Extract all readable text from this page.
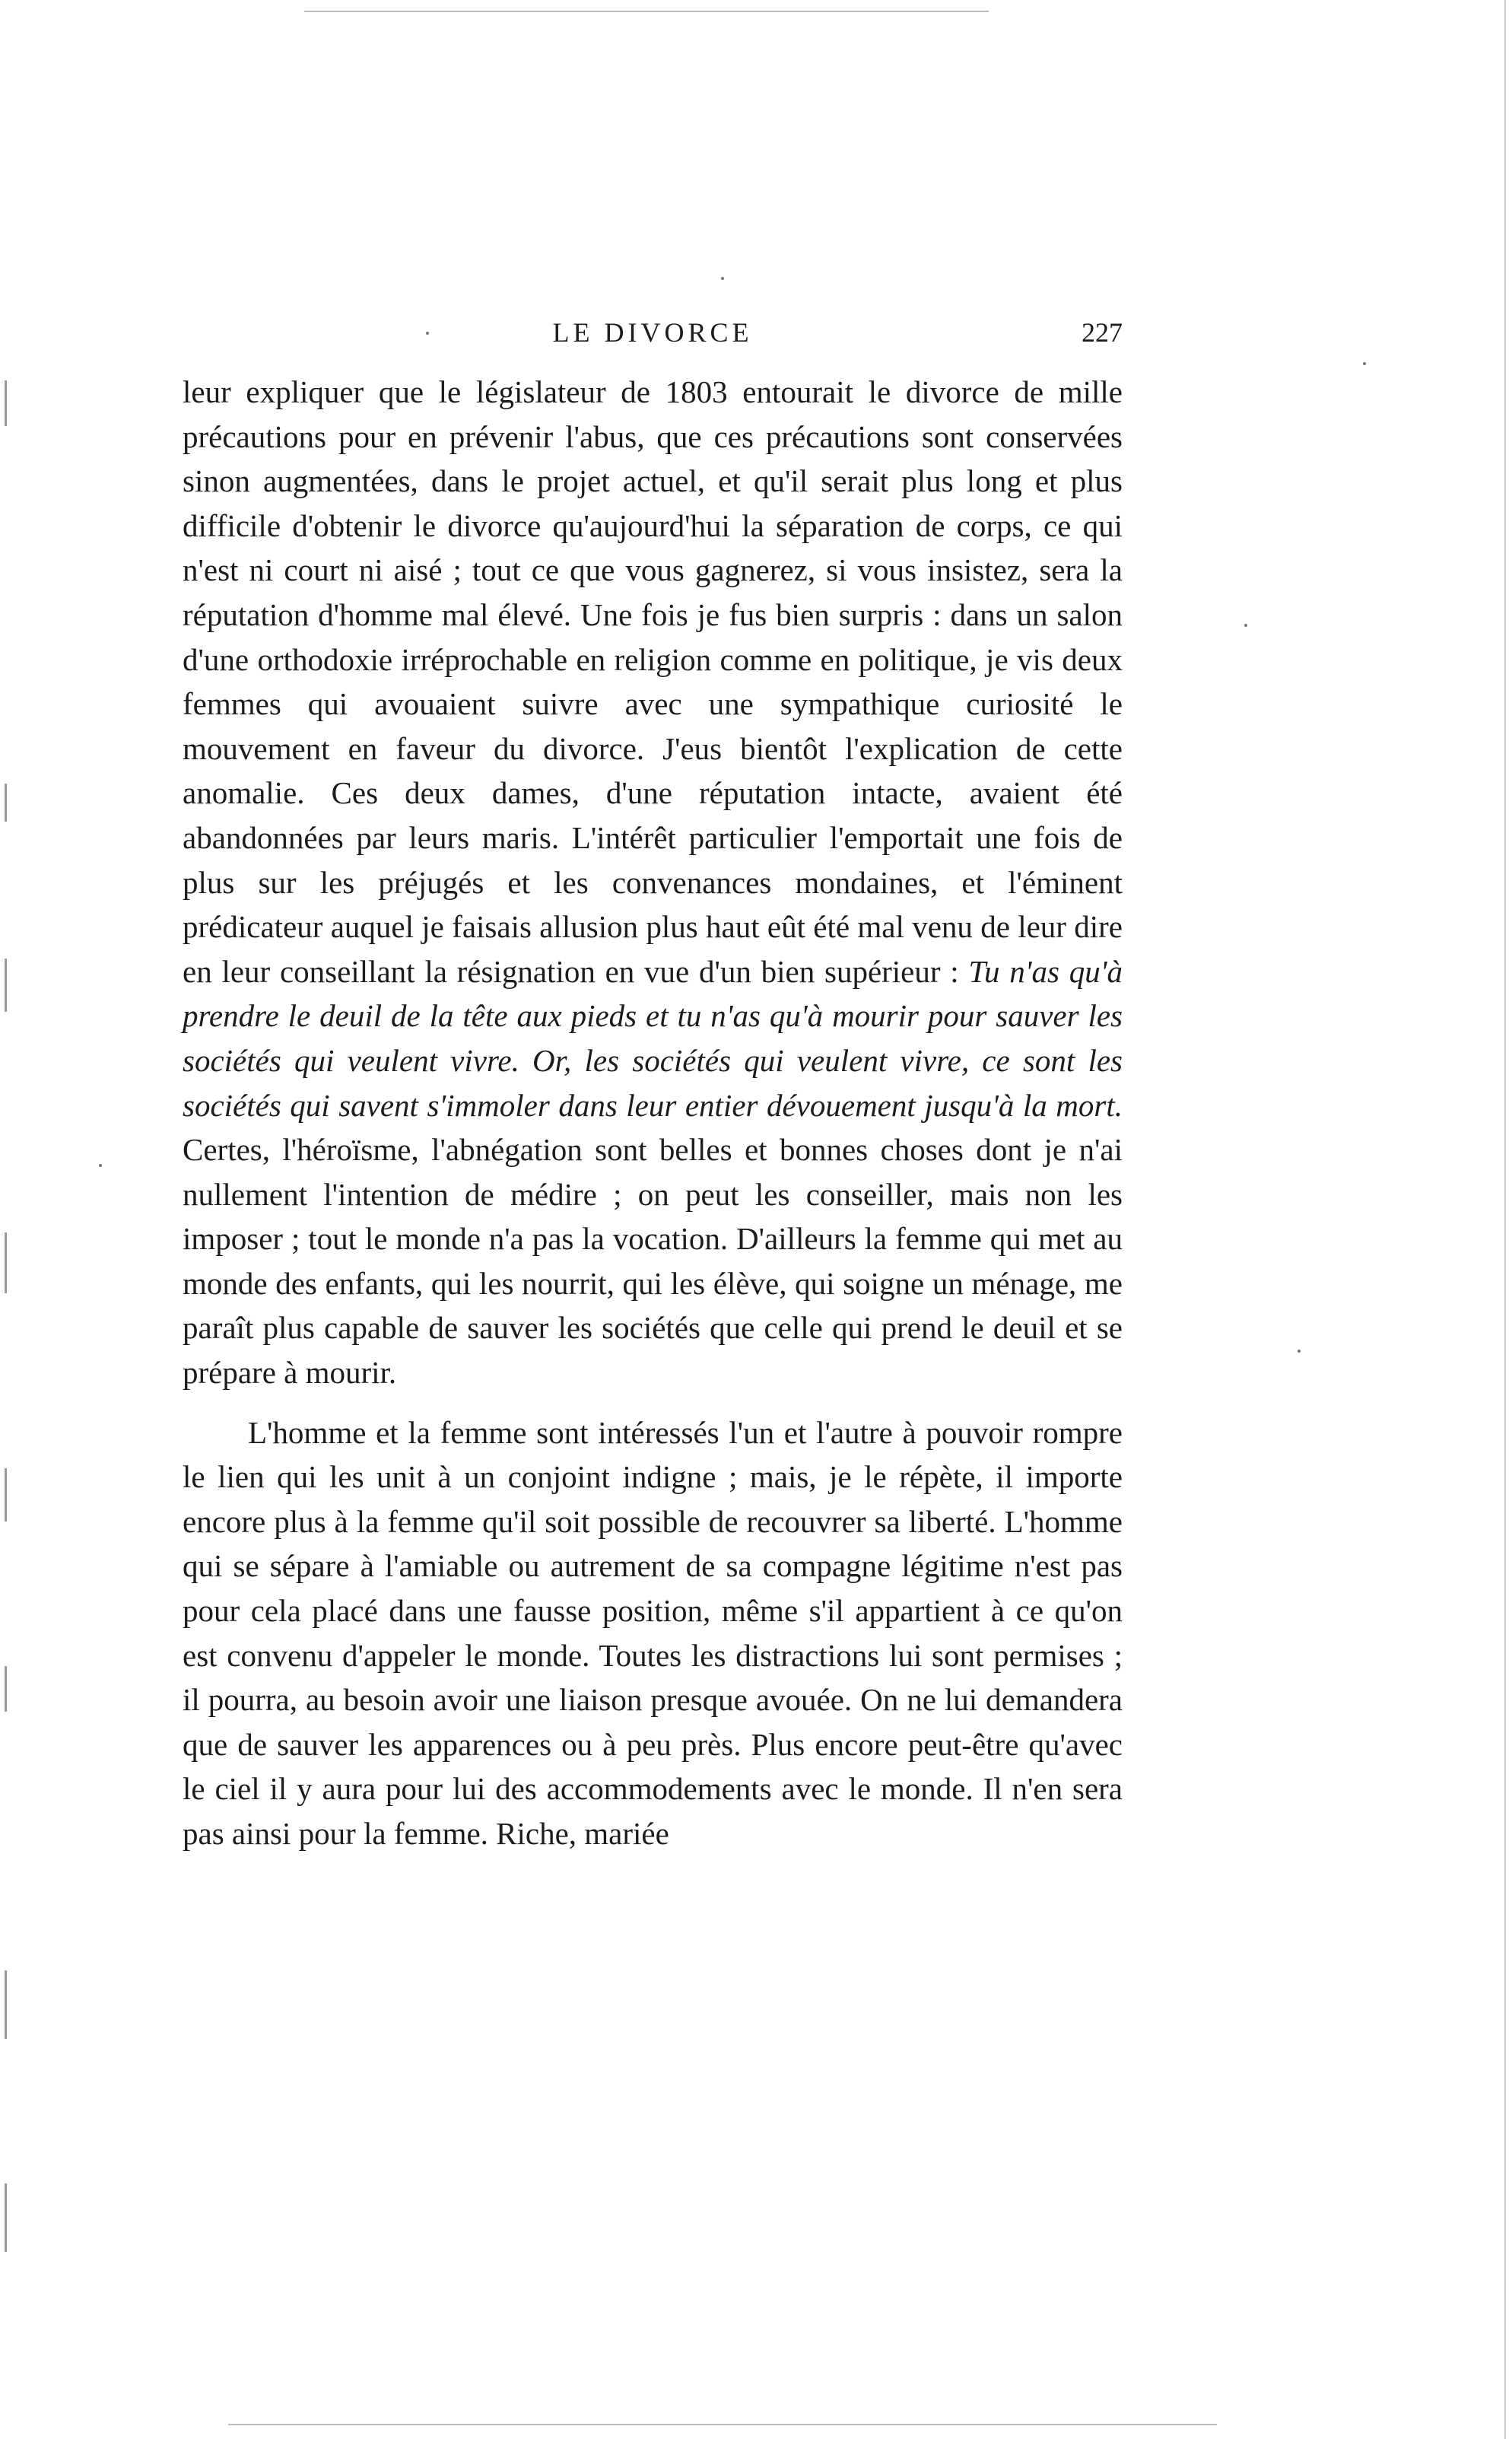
LE DIVORCE	227

leur expliquer que le législateur de 1803 entourait le divorce de mille précautions pour en prévenir l'abus, que ces précautions sont conservées sinon augmentées, dans le projet actuel, et qu'il serait plus long et plus difficile d'obtenir le divorce qu'aujourd'hui la séparation de corps, ce qui n'est ni court ni aisé ; tout ce que vous gagnerez, si vous insistez, sera la réputation d'homme mal élevé. Une fois je fus bien surpris : dans un salon d'une orthodoxie irréprochable en religion comme en politique, je vis deux femmes qui avouaient suivre avec une sympathique curiosité le mouvement en faveur du divorce. J'eus bientôt l'explication de cette anomalie. Ces deux dames, d'une réputation intacte, avaient été abandonnées par leurs maris. L'intérêt particulier l'emportait une fois de plus sur les préjugés et les convenances mondaines, et l'éminent prédicateur auquel je faisais allusion plus haut eût été mal venu de leur dire en leur conseillant la résignation en vue d'un bien supérieur : Tu n'as qu'à prendre le deuil de la tête aux pieds et tu n'as qu'à mourir pour sauver les sociétés qui veulent vivre. Or, les sociétés qui veulent vivre, ce sont les sociétés qui savent s'immoler dans leur entier dévouement jusqu'à la mort. Certes, l'héroïsme, l'abnégation sont belles et bonnes choses dont je n'ai nullement l'intention de médire ; on peut les conseiller, mais non les imposer ; tout le monde n'a pas la vocation. D'ailleurs la femme qui met au monde des enfants, qui les nourrit, qui les élève, qui soigne un ménage, me paraît plus capable de sauver les sociétés que celle qui prend le deuil et se prépare à mourir.

L'homme et la femme sont intéressés l'un et l'autre à pouvoir rompre le lien qui les unit à un conjoint indigne ; mais, je le répète, il importe encore plus à la femme qu'il soit possible de recouvrer sa liberté. L'homme qui se sépare à l'amiable ou autrement de sa compagne légitime n'est pas pour cela placé dans une fausse position, même s'il appartient à ce qu'on est convenu d'appeler le monde. Toutes les distractions lui sont permises ; il pourra, au besoin avoir une liaison presque avouée. On ne lui demandera que de sauver les apparences ou à peu près. Plus encore peut-être qu'avec le ciel il y aura pour lui des accommodements avec le monde. Il n'en sera pas ainsi pour la femme. Riche, mariée
